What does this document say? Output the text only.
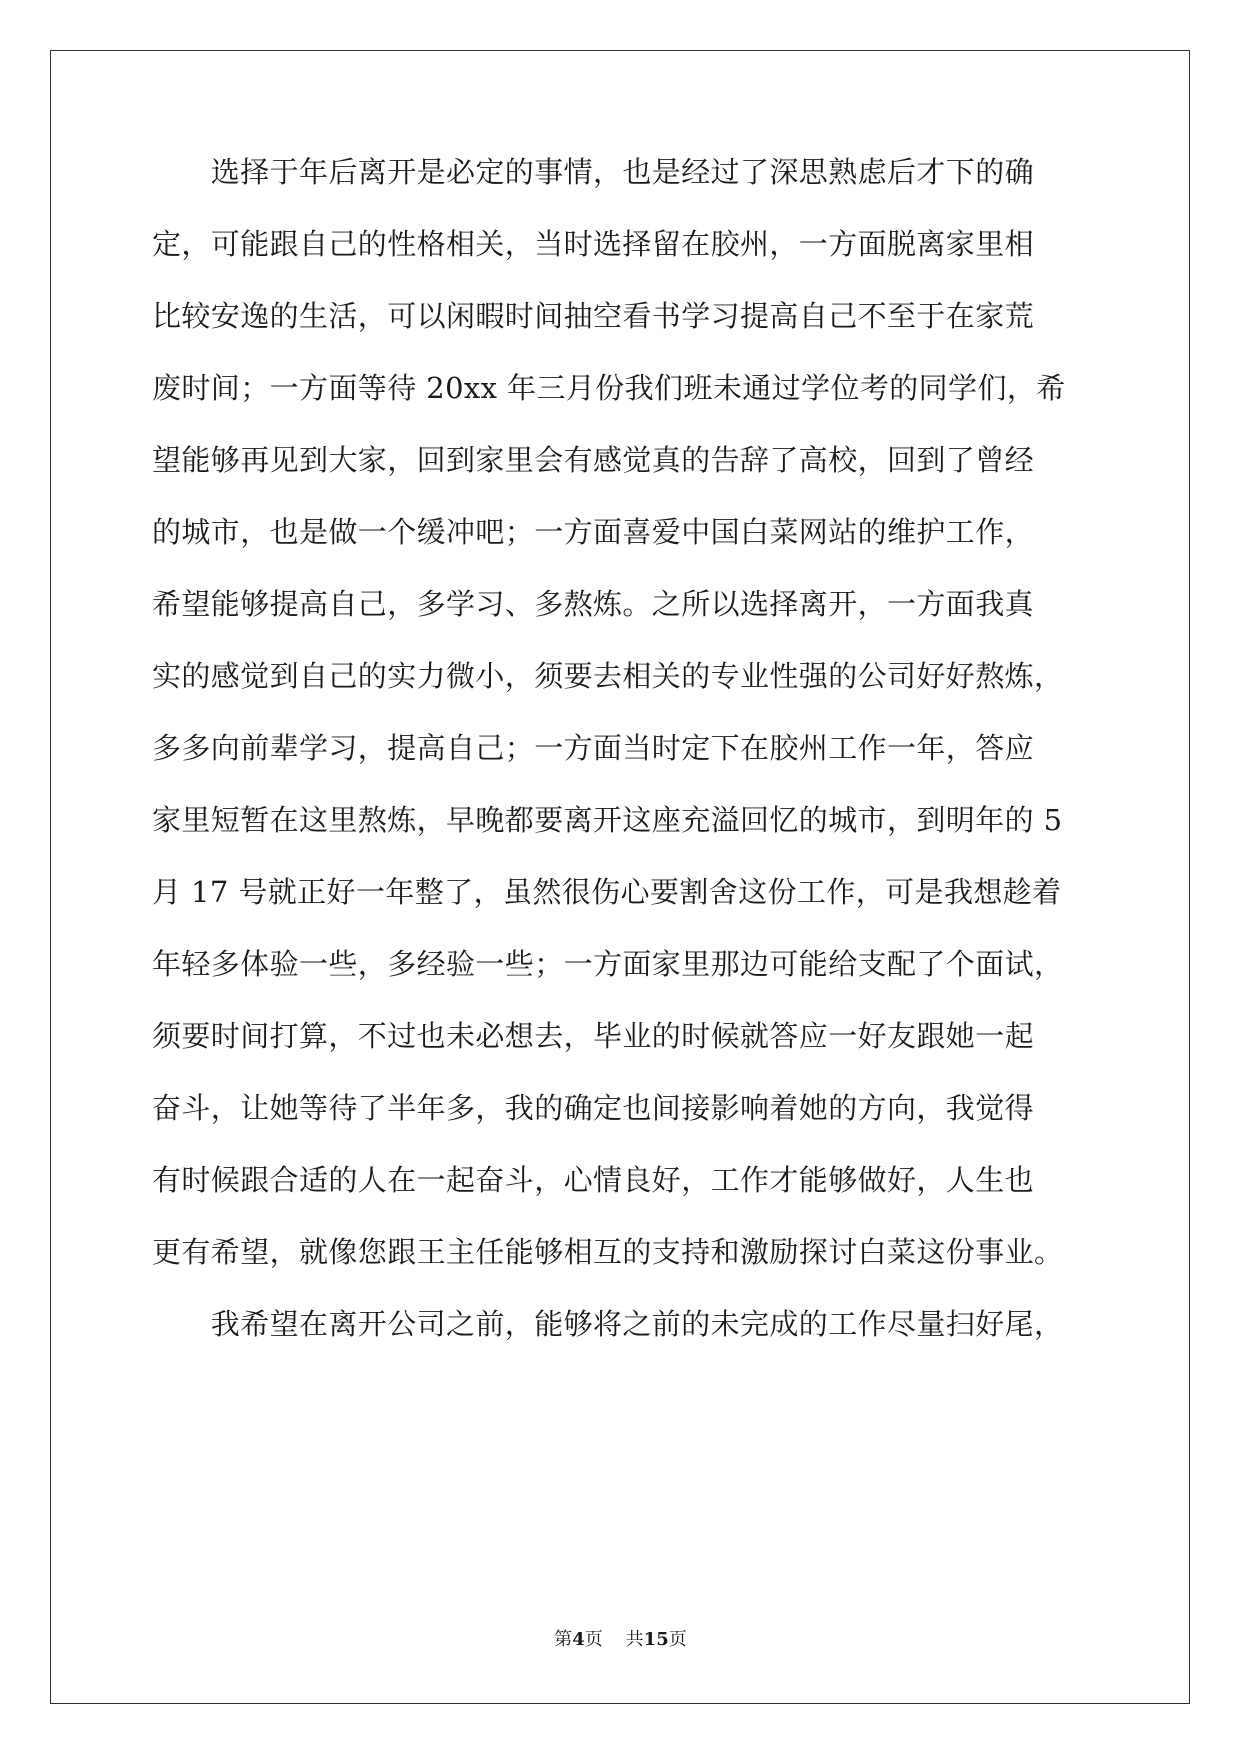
　　选择于年后离开是必定的事情，也是经过了深思熟虑后才下的确
定，可能跟自己的性格相关，当时选择留在胶州，一方面脱离家里相
比较安逸的生活，可以闲暇时间抽空看书学习提高自己不至于在家荒
废时间；一方面等待 20xx 年三月份我们班未通过学位考的同学们，希
望能够再见到大家，回到家里会有感觉真的告辞了高校，回到了曾经
的城市，也是做一个缓冲吧；一方面喜爱中国白菜网站的维护工作，
希望能够提高自己，多学习、多熬炼。之所以选择离开，一方面我真
实的感觉到自己的实力微小，须要去相关的专业性强的公司好好熬炼，
多多向前辈学习，提高自己；一方面当时定下在胶州工作一年，答应
家里短暂在这里熬炼，早晚都要离开这座充溢回忆的城市，到明年的 5
月 17 号就正好一年整了，虽然很伤心要割舍这份工作，可是我想趁着
年轻多体验一些，多经验一些；一方面家里那边可能给支配了个面试，
须要时间打算，不过也未必想去，毕业的时候就答应一好友跟她一起
奋斗，让她等待了半年多，我的确定也间接影响着她的方向，我觉得
有时候跟合适的人在一起奋斗，心情良好，工作才能够做好，人生也
更有希望，就像您跟王主任能够相互的支持和激励探讨白菜这份事业。
　　我希望在离开公司之前，能够将之前的未完成的工作尽量扫好尾，
第4页 共15页
